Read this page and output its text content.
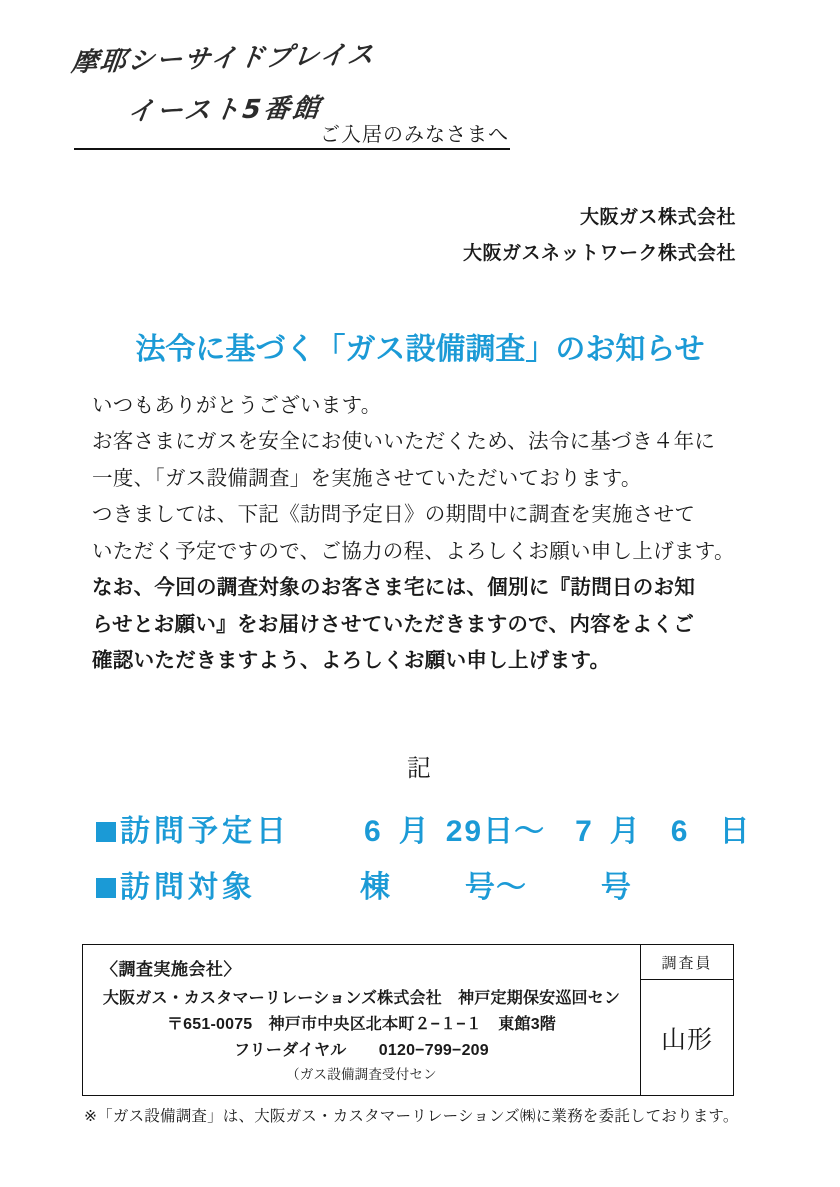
摩耶シーサイドプレイス
イースト5番館
ご入居のみなさまへ
大阪ガス株式会社
大阪ガスネットワーク株式会社
法令に基づく「ガス設備調査」のお知らせ

いつもありがとうございます。

お客さまにガスを安全にお使いいただくため、法令に基づき４年に

一度、「ガス設備調査」を実施させていただいております。

つきましては、下記《訪問予定日》の期間中に調査を実施させて

いただく予定ですので、ご協力の程、よろしくお願い申し上げます。

なお、今回の調査対象のお客さま宅には、個別に『訪問日のお知

らせとお願い』をお届けさせていただきますので、内容をよくご

確認いただきますよう、よろしくお願い申し上げます。

記
訪問予定日 6 月 29日〜 7 月 6 日
訪問対象	棟 号〜 号
〈調査実施会社〉
大阪ガス・カスタマーリレーションズ株式会社　神戸定期保安巡回セン
〒651-0075　神戸市中央区北本町２−１−１　東館3階
フリーダイヤル　　0120−799−209
（ガス設備調査受付セン
調査員
山形
※「ガス設備調査」は、大阪ガス・カスタマーリレーションズ㈱に業務を委託しております。
